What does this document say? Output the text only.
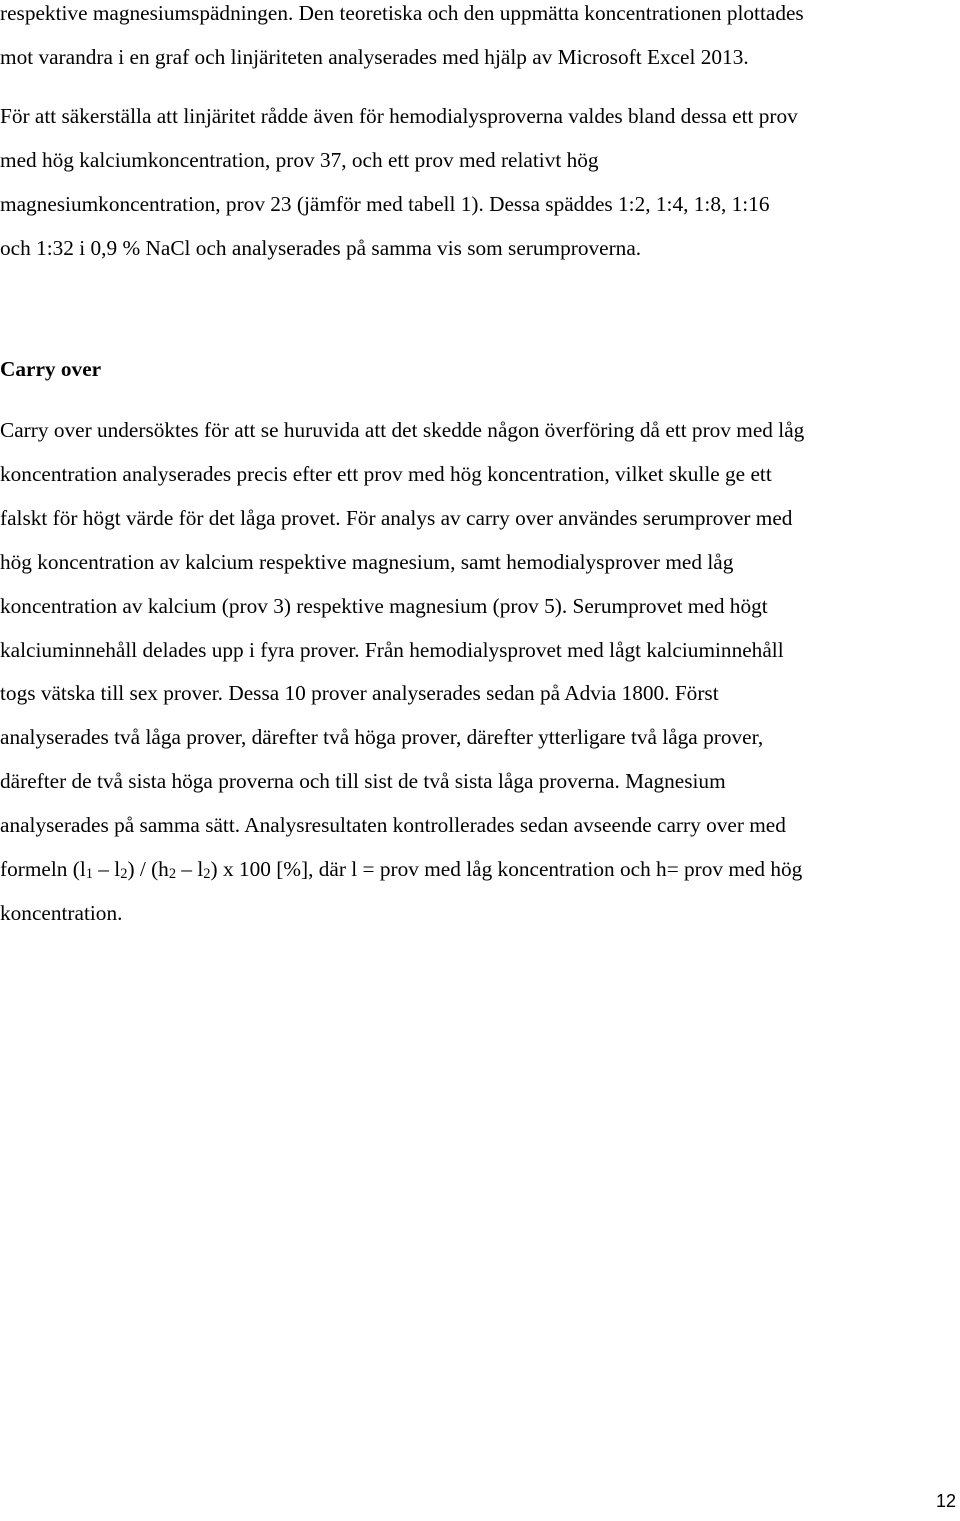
respektive magnesiumspädningen. Den teoretiska och den uppmätta koncentrationen plottades
mot varandra i en graf och linjäriteten analyserades med hjälp av Microsoft Excel 2013.
För att säkerställa att linjäritet rådde även för hemodialysproverna valdes bland dessa ett prov
med hög kalciumkoncentration, prov 37, och ett prov med relativt hög
magnesiumkoncentration, prov 23 (jämför med tabell 1). Dessa späddes 1:2, 1:4, 1:8, 1:16
och 1:32 i 0,9 % NaCl och analyserades på samma vis som serumproverna.
Carry over
Carry over undersöktes för att se huruvida att det skedde någon överföring då ett prov med låg
koncentration analyserades precis efter ett prov med hög koncentration, vilket skulle ge ett
falskt för högt värde för det låga provet. För analys av carry over användes serumprover med
hög koncentration av kalcium respektive magnesium, samt hemodialysprover med låg
koncentration av kalcium (prov 3) respektive magnesium (prov 5). Serumprovet med högt
kalciuminnehåll delades upp i fyra prover. Från hemodialysprovet med lågt kalciuminnehåll
togs vätska till sex prover. Dessa 10 prover analyserades sedan på Advia 1800. Först
analyserades två låga prover, därefter två höga prover, därefter ytterligare två låga prover,
därefter de två sista höga proverna och till sist de två sista låga proverna. Magnesium
analyserades på samma sätt. Analysresultaten kontrollerades sedan avseende carry over med
formeln $(l_1 - l_2) / (h_2 - l_2)$ x 100 [%], där l = prov med låg koncentration och h= prov med hög
koncentration.
12
